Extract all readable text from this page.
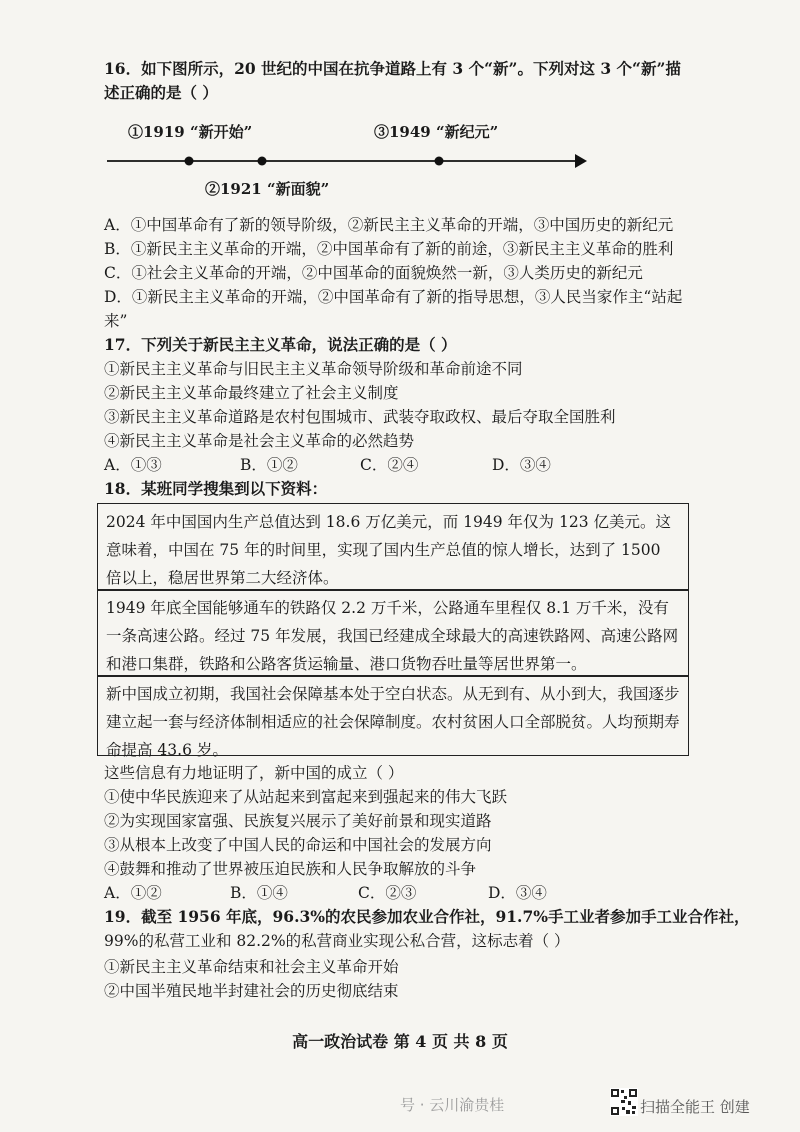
16．如下图所示，20 世纪的中国在抗争道路上有 3 个“新”。下列对这 3 个“新”描
述正确的是（ ）
①1919 “新开始”	③1949 “新纪元”
②1921 “新面貌”
A．①中国革命有了新的领导阶级，②新民主主义革命的开端，③中国历史的新纪元
B．①新民主主义革命的开端，②中国革命有了新的前途，③新民主主义革命的胜利
C．①社会主义革命的开端，②中国革命的面貌焕然一新，③人类历史的新纪元
D．①新民主主义革命的开端，②中国革命有了新的指导思想，③人民当家作主“站起
来”
17．下列关于新民主主义革命，说法正确的是（ ）
①新民主主义革命与旧民主主义革命领导阶级和革命前途不同
②新民主主义革命最终建立了社会主义制度
③新民主主义革命道路是农村包围城市、武装夺取政权、最后夺取全国胜利
④新民主主义革命是社会主义革命的必然趋势
A．①③	B．①②	C．②④	D．③④
18．某班同学搜集到以下资料：
2024 年中国国内生产总值达到 18.6 万亿美元，而 1949 年仅为 123 亿美元。这意味着，中国在 75 年的时间里，实现了国内生产总值的惊人增长，达到了 1500 倍以上，稳居世界第二大经济体。
1949 年底全国能够通车的铁路仅 2.2 万千米，公路通车里程仅 8.1 万千米，没有一条高速公路。经过 75 年发展，我国已经建成全球最大的高速铁路网、高速公路网和港口集群，铁路和公路客货运输量、港口货物吞吐量等居世界第一。
新中国成立初期，我国社会保障基本处于空白状态。从无到有、从小到大，我国逐步建立起一套与经济体制相适应的社会保障制度。农村贫困人口全部脱贫。人均预期寿命提高 43.6 岁。
这些信息有力地证明了，新中国的成立（ ）
①使中华民族迎来了从站起来到富起来到强起来的伟大飞跃
②为实现国家富强、民族复兴展示了美好前景和现实道路
③从根本上改变了中国人民的命运和中国社会的发展方向
④鼓舞和推动了世界被压迫民族和人民争取解放的斗争
A．①②	B．①④	C．②③	D．③④
19．截至 1956 年底，96.3%的农民参加农业合作社，91.7%手工业者参加手工业合作社，
99%的私营工业和 82.2%的私营商业实现公私合营，这标志着（ ）
①新民主主义革命结束和社会主义革命开始
②中国半殖民地半封建社会的历史彻底结束
高一政治试卷 第 4 页 共 8 页
号 · 云川渝贵桂	扫描全能王 创建
